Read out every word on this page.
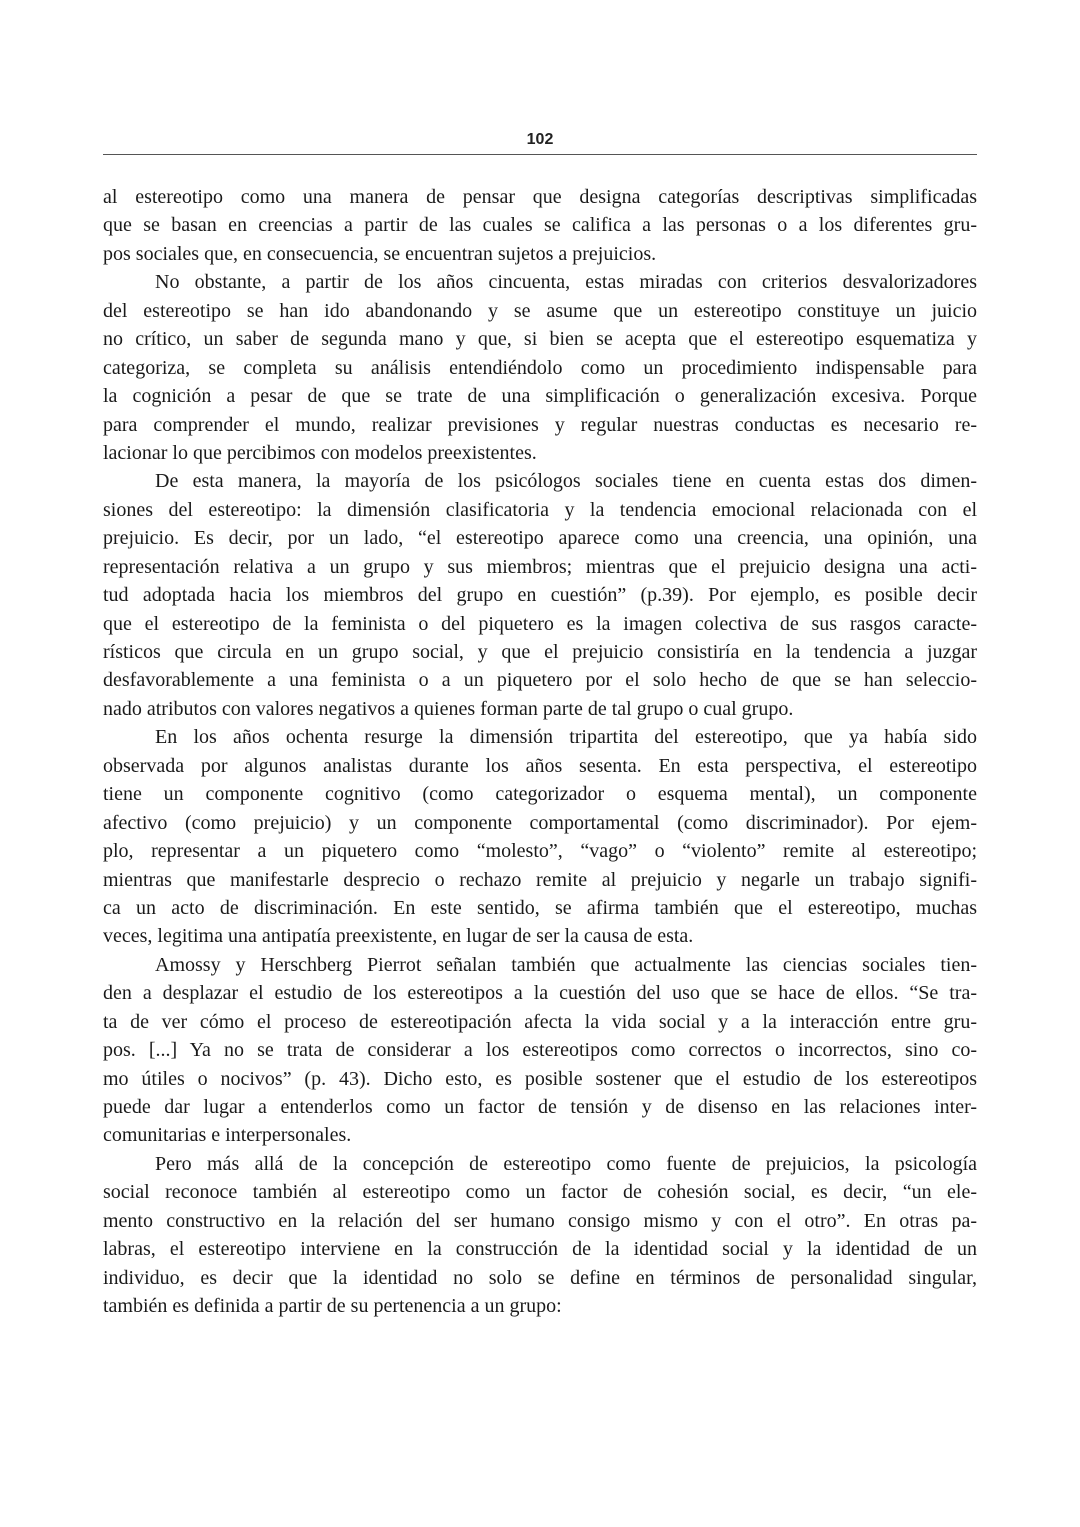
102
al estereotipo como una manera de pensar que designa categorías descriptivas simplificadas
que se basan en creencias a partir de las cuales se califica a las personas o a los diferentes gru-
pos sociales que, en consecuencia, se encuentran sujetos a prejuicios.
No obstante, a partir de los años cincuenta, estas miradas con criterios desvalorizadores
del estereotipo se han ido abandonando y se asume que un estereotipo constituye un juicio
no crítico, un saber de segunda mano y que, si bien se acepta que el estereotipo esquematiza y
categoriza, se completa su análisis entendiéndolo como un procedimiento indispensable para
la cognición a pesar de que se trate de una simplificación o generalización excesiva. Porque
para comprender el mundo, realizar previsiones y regular nuestras conductas es necesario re-
lacionar lo que percibimos con modelos preexistentes.
De esta manera, la mayoría de los psicólogos sociales tiene en cuenta estas dos dimen-
siones del estereotipo: la dimensión clasificatoria y la tendencia emocional relacionada con el
prejuicio. Es decir, por un lado, “el estereotipo aparece como una creencia, una opinión, una
representación relativa a un grupo y sus miembros; mientras que el prejuicio designa una acti-
tud adoptada hacia los miembros del grupo en cuestión” (p.39). Por ejemplo, es posible decir
que el estereotipo de la feminista o del piquetero es la imagen colectiva de sus rasgos caracte-
rísticos que circula en un grupo social, y que el prejuicio consistiría en la tendencia a juzgar
desfavorablemente a una feminista o a un piquetero por el solo hecho de que se han seleccio-
nado atributos con valores negativos a quienes forman parte de tal grupo o cual grupo.
En los años ochenta resurge la dimensión tripartita del estereotipo, que ya había sido
observada por algunos analistas durante los años sesenta. En esta perspectiva, el estereotipo
tiene un componente cognitivo (como categorizador o esquema mental), un componente
afectivo (como prejuicio) y un componente comportamental (como discriminador). Por ejem-
plo, representar a un piquetero como “molesto”, “vago” o “violento” remite al estereotipo;
mientras que manifestarle desprecio o rechazo remite al prejuicio y negarle un trabajo signifi-
ca un acto de discriminación. En este sentido, se afirma también que el estereotipo, muchas
veces, legitima una antipatía preexistente, en lugar de ser la causa de esta.
Amossy y Herschberg Pierrot señalan también que actualmente las ciencias sociales tien-
den a desplazar el estudio de los estereotipos a la cuestión del uso que se hace de ellos. “Se tra-
ta de ver cómo el proceso de estereotipación afecta la vida social y a la interacción entre gru-
pos. [...] Ya no se trata de considerar a los estereotipos como correctos o incorrectos, sino co-
mo útiles o nocivos” (p. 43). Dicho esto, es posible sostener que el estudio de los estereotipos
puede dar lugar a entenderlos como un factor de tensión y de disenso en las relaciones inter-
comunitarias e interpersonales.
Pero más allá de la concepción de estereotipo como fuente de prejuicios, la psicología
social reconoce también al estereotipo como un factor de cohesión social, es decir, “un ele-
mento constructivo en la relación del ser humano consigo mismo y con el otro”. En otras pa-
labras, el estereotipo interviene en la construcción de la identidad social y la identidad de un
individuo, es decir que la identidad no solo se define en términos de personalidad singular,
también es definida a partir de su pertenencia a un grupo:
